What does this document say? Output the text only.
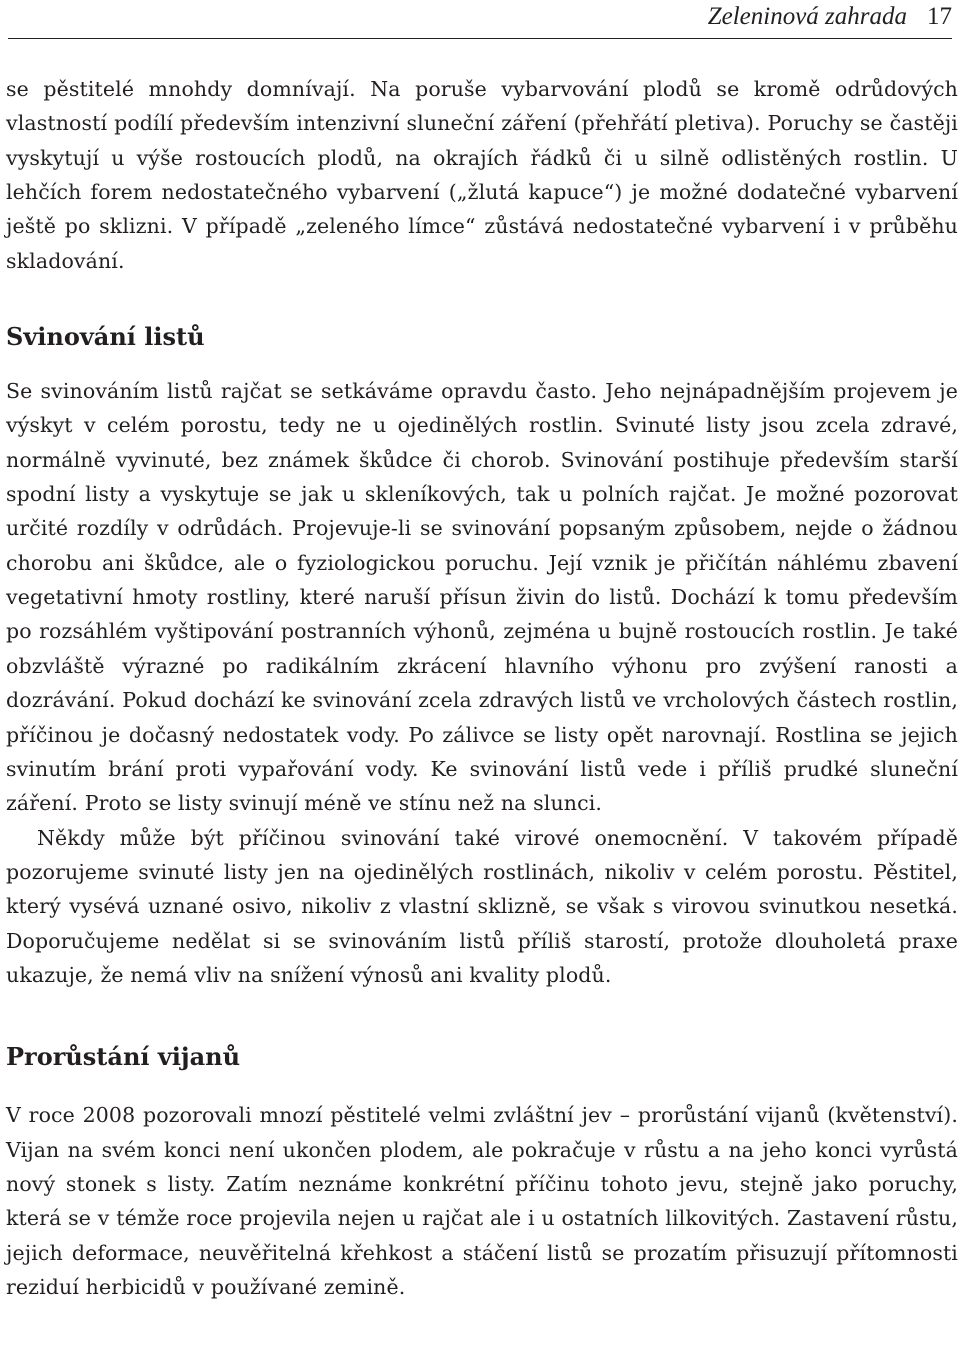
Zeleninová zahrada 17

se pěstitelé mnohdy domnívají. Na poruše vybarvování plodů se kromě odrůdových vlastností podílí především intenzivní sluneční záření (přehřátí pletiva). Poruchy se častěji vyskytují u výše rostoucích plodů, na okrajích řádků či u silně odlistěných rostlin. U lehčích forem nedostatečného vybarvení („žlutá kapuce“) je možné dodatečné vybarvení ještě po sklizni. V případě „zeleného límce“ zůstává nedostatečné vybarvení i v průběhu skladování.

Svinování listů

Se svinováním listů rajčat se setkáváme opravdu často. Jeho nejnápadnějším projevem je výskyt v celém porostu, tedy ne u ojedinělých rostlin. Svinuté listy jsou zcela zdravé, normálně vyvinuté, bez známek škůdce či chorob. Svinování postihuje především starší spodní listy a vyskytuje se jak u skleníkových, tak u polních rajčat. Je možné pozorovat určité rozdíly v odrůdách. Projevuje-li se svinování popsaným způsobem, nejde o žádnou chorobu ani škůdce, ale o fyziologickou poruchu. Její vznik je přičítán náhlému zbavení vegetativní hmoty rostliny, které naruší přísun živin do listů. Dochází k tomu především po rozsáhlém vyštipování postranních výhonů, zejména u bujně rostoucích rostlin. Je také obzvláště výrazné po radikálním zkrácení hlavního výhonu pro zvýšení ranosti a dozrávání. Pokud dochází ke svinování zcela zdravých listů ve vrcholových částech rostlin, příčinou je dočasný nedostatek vody. Po zálivce se listy opět narovnají. Rostlina se jejich svinutím brání proti vypařování vody. Ke svinování listů vede i příliš prudké sluneční záření. Proto se listy svinují méně ve stínu než na slunci.

Někdy může být příčinou svinování také virové onemocnění. V takovém případě pozorujeme svinuté listy jen na ojedinělých rostlinách, nikoliv v celém porostu. Pěstitel, který vysévá uznané osivo, nikoliv z vlastní sklizně, se však s virovou svinutkou nesetká. Doporučujeme nedělat si se svinováním listů příliš starostí, protože dlouholetá praxe ukazuje, že nemá vliv na snížení výnosů ani kvality plodů.

Prorůstání vijanů

V roce 2008 pozorovali mnozí pěstitelé velmi zvláštní jev – prorůstání vijanů (květenství). Vijan na svém konci není ukončen plodem, ale pokračuje v růstu a na jeho konci vyrůstá nový stonek s listy. Zatím neznáme konkrétní příčinu tohoto jevu, stejně jako poruchy, která se v témže roce projevila nejen u rajčat ale i u ostatních lilkovitých. Zastavení růstu, jejich deformace, neuvěřitelná křehkost a stáčení listů se prozatím přisuzují přítomnosti reziduí herbicidů v používané zemině.
